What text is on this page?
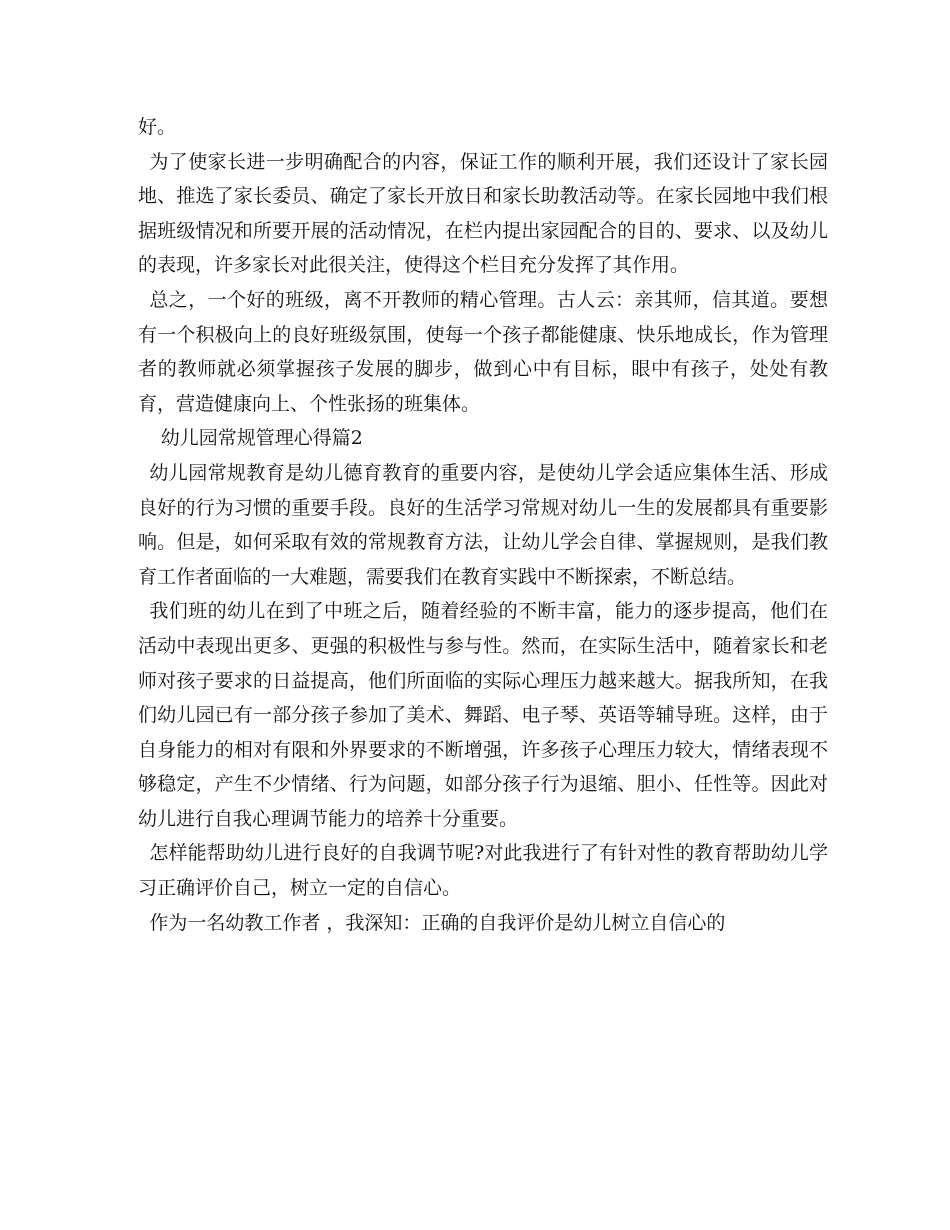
好。

为了使家长进一步明确配合的内容，保证工作的顺利开展，我们还设计了家长园地、推选了家长委员、确定了家长开放日和家长助教活动等。在家长园地中我们根据班级情况和所要开展的活动情况，在栏内提出家园配合的目的、要求、以及幼儿的表现，许多家长对此很关注，使得这个栏目充分发挥了其作用。

总之，一个好的班级，离不开教师的精心管理。古人云：亲其师，信其道。要想有一个积极向上的良好班级氛围，使每一个孩子都能健康、快乐地成长，作为管理者的教师就必须掌握孩子发展的脚步，做到心中有目标，眼中有孩子，处处有教育，营造健康向上、个性张扬的班集体。

幼儿园常规管理心得篇2

幼儿园常规教育是幼儿德育教育的重要内容，是使幼儿学会适应集体生活、形成良好的行为习惯的重要手段。良好的生活学习常规对幼儿一生的发展都具有重要影响。但是，如何采取有效的常规教育方法，让幼儿学会自律、掌握规则，是我们教育工作者面临的一大难题，需要我们在教育实践中不断探索，不断总结。

我们班的幼儿在到了中班之后，随着经验的不断丰富，能力的逐步提高，他们在活动中表现出更多、更强的积极性与参与性。然而，在实际生活中，随着家长和老师对孩子要求的日益提高，他们所面临的实际心理压力越来越大。据我所知，在我们幼儿园已有一部分孩子参加了美术、舞蹈、电子琴、英语等辅导班。这样，由于自身能力的相对有限和外界要求的不断增强，许多孩子心理压力较大，情绪表现不够稳定，产生不少情绪、行为问题，如部分孩子行为退缩、胆小、任性等。因此对幼儿进行自我心理调节能力的培养十分重要。

怎样能帮助幼儿进行良好的自我调节呢?对此我进行了有针对性的教育帮助幼儿学习正确评价自己，树立一定的自信心。

作为一名幼教工作者 ，我深知：正确的自我评价是幼儿树立自信心的
